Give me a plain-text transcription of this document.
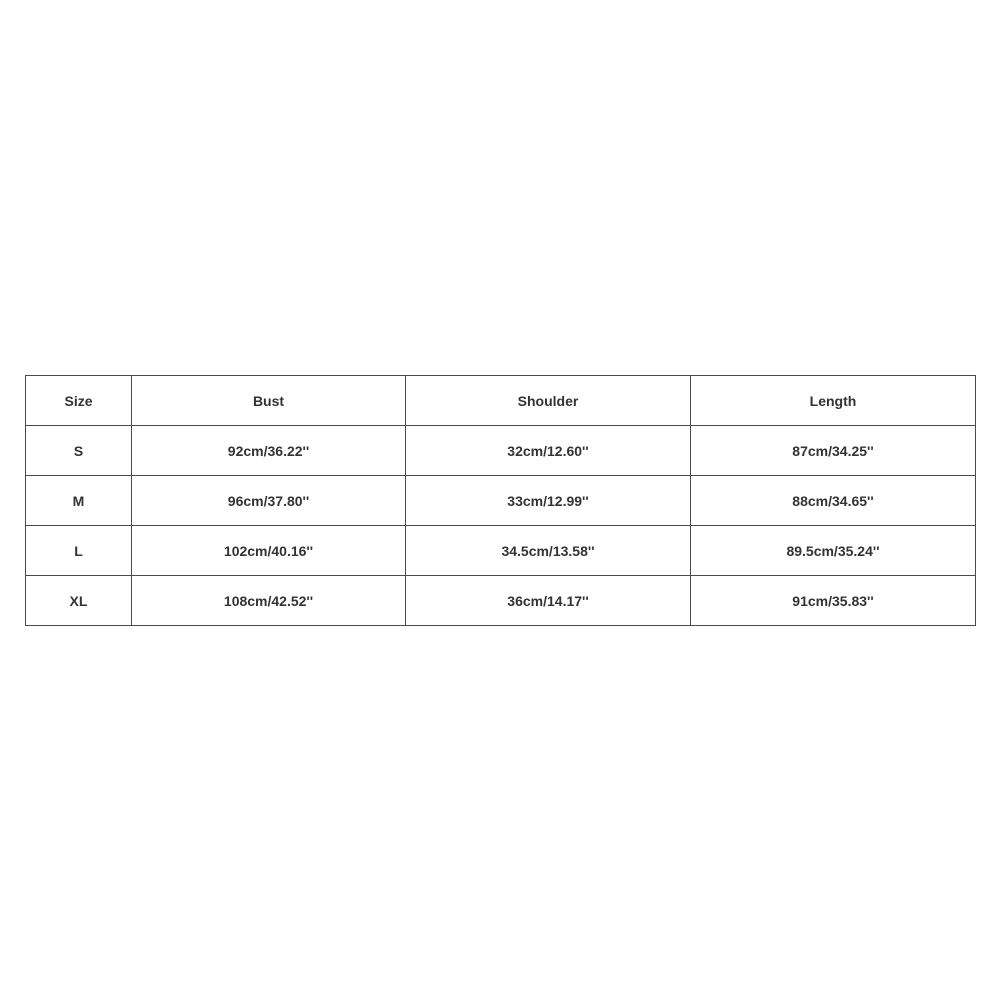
Size	Bust	Shoulder	Length
S	92cm/36.22''	32cm/12.60''	87cm/34.25''
M	96cm/37.80''	33cm/12.99''	88cm/34.65''
L	102cm/40.16''	34.5cm/13.58''	89.5cm/35.24''
XL	108cm/42.52''	36cm/14.17''	91cm/35.83''
